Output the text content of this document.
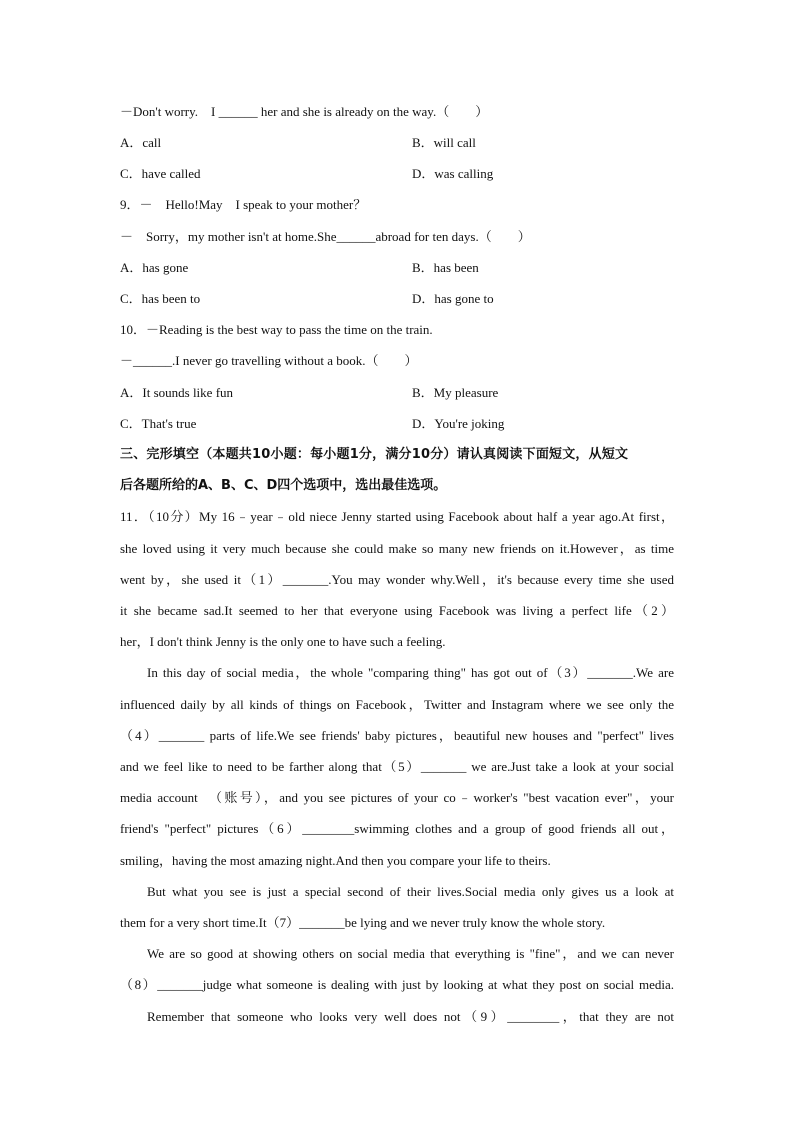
－Don't worry.　I ______ her and she is already on the way.（　　）
A．call	B．will call
C．have called	D．was calling
9．－　Hello!May　I speak to your mother？
－　Sorry，my mother isn't at home.She______abroad for ten days.（　　）
A．has gone	B．has been
C．has been to	D．has gone to
10．－Reading is the best way to pass the time on the train.
－______.I never go travelling without a book.（　　）
A．It sounds like fun	B．My pleasure
C．That's true	D．You're joking
三、完形填空（本题共10小题：每小题1分，满分10分）请认真阅读下面短文，从短文
后各题所给的A、B、C、D四个选项中，选出最佳选项。
11．（10分）My 16﹣year﹣old niece Jenny started using Facebook about half a year ago.At first，
she loved using it very much because she could make so many new friends on it.However，as time
went by，she used it（1）_______.You may wonder why.Well，it's because every time she used
it she became sad.It seemed to her that everyone using Facebook was living a perfect life（2）
her，I don't think Jenny is the only one to have such a feeling.
In this day of social media，the whole "comparing thing" has got out of（3）_______.We are
influenced daily by all kinds of things on Facebook，Twitter and Instagram where we see only the
（4）_______ parts of life.We see friends' baby pictures，beautiful new houses and "perfect" lives
and we feel like to need to be farther along that（5）_______ we are.Just take a look at your social
media account　（账号），and you see pictures of your co﹣worker's "best vacation ever"，your
friend's "perfect" pictures（6）________swimming clothes and a group of good friends all out，
smiling，having the most amazing night.And then you compare your life to theirs.
But what you see is just a special second of their lives.Social media only gives us a look at
them for a very short time.It（7）_______be lying and we never truly know the whole story.
We are so good at showing others on social media that everything is "fine"，and we can never
（8）_______judge what someone is dealing with just by looking at what they post on social media.
Remember that someone who looks very well does not（9）________，that they are not
